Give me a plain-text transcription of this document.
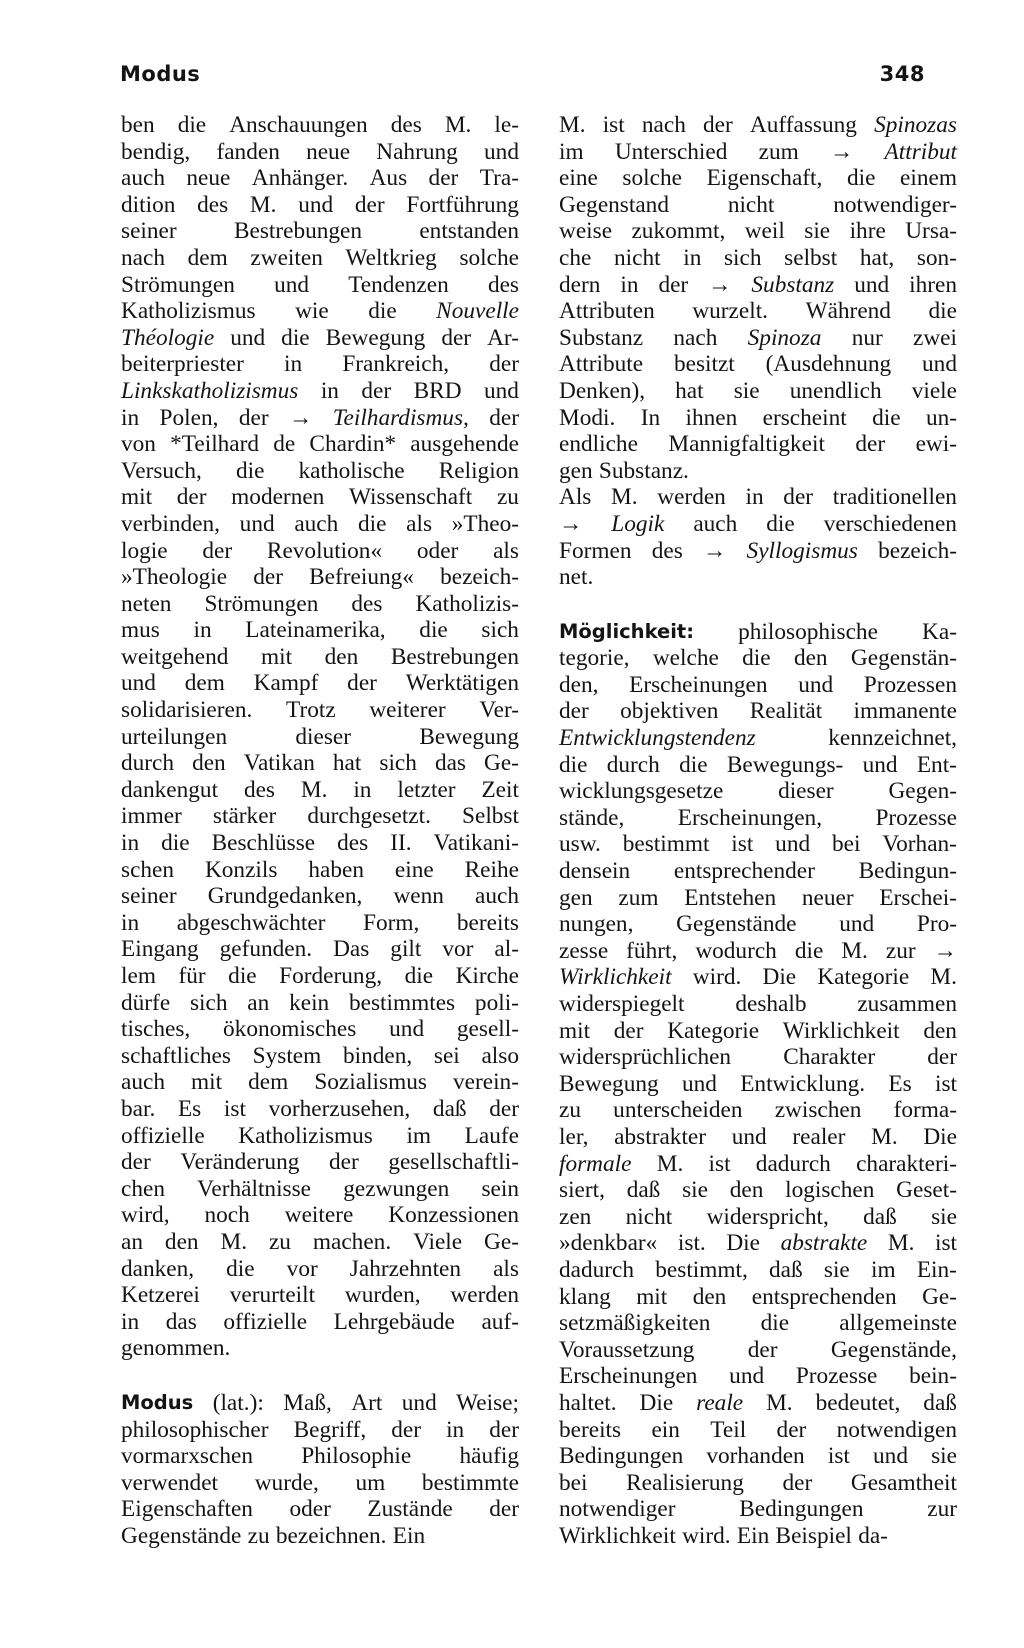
Modus	348
ben die Anschauungen des M. le-
bendig, fanden neue Nahrung und
auch neue Anhänger. Aus der Tra-
dition des M. und der Fortführung
seiner Bestrebungen entstanden
nach dem zweiten Weltkrieg solche
Strömungen und Tendenzen des
Katholizismus wie die Nouvelle
Théologie und die Bewegung der Ar-
beiterpriester in Frankreich, der
Linkskatholizismus in der BRD und
in Polen, der → Teilhardismus, der
von *Teilhard de Chardin* ausgehende
Versuch, die katholische Religion
mit der modernen Wissenschaft zu
verbinden, und auch die als »Theo-
logie der Revolution« oder als
»Theologie der Befreiung« bezeich-
neten Strömungen des Katholizis-
mus in Lateinamerika, die sich
weitgehend mit den Bestrebungen
und dem Kampf der Werktätigen
solidarisieren. Trotz weiterer Ver-
urteilungen	dieser	Bewegung
durch den Vatikan hat sich das Ge-
dankengut des M. in letzter Zeit
immer stärker durchgesetzt. Selbst
in die Beschlüsse des II. Vatikani-
schen Konzils haben eine Reihe
seiner Grundgedanken, wenn auch
in abgeschwächter Form, bereits
Eingang gefunden. Das gilt vor al-
lem für die Forderung, die Kirche
dürfe sich an kein bestimmtes poli-
tisches, ökonomisches und gesell-
schaftliches System binden, sei also
auch mit dem Sozialismus verein-
bar. Es ist vorherzusehen, daß der
offizielle Katholizismus im Laufe
der Veränderung der gesellschaftli-
chen Verhältnisse gezwungen sein
wird, noch weitere Konzessionen
an den M. zu machen. Viele Ge-
danken, die vor Jahrzehnten als
Ketzerei verurteilt wurden, werden
in das offizielle Lehrgebäude auf-
genommen.
Modus (lat.): Maß, Art und Weise;
philosophischer Begriff, der in der
vormarxschen Philosophie häufig
verwendet wurde, um bestimmte
Eigenschaften oder Zustände der
Gegenstände zu bezeichnen. Ein
M. ist nach der Auffassung Spinozas
im Unterschied zum → Attribut
eine solche Eigenschaft, die einem
Gegenstand	nicht	notwendiger-
weise zukommt, weil sie ihre Ursa-
che nicht in sich selbst hat, son-
dern in der → Substanz und ihren
Attributen wurzelt. Während die
Substanz nach Spinoza nur zwei
Attribute besitzt (Ausdehnung und
Denken), hat sie unendlich viele
Modi. In ihnen erscheint die un-
endliche Mannigfaltigkeit der ewi-
gen Substanz.
Als M. werden in der traditionellen
→ Logik auch die verschiedenen
Formen des → Syllogismus bezeich-
net.
Möglichkeit: philosophische Ka-
tegorie, welche die den Gegenstän-
den, Erscheinungen und Prozessen
der objektiven Realität immanente
Entwicklungstendenz	kennzeichnet,
die durch die Bewegungs- und Ent-
wicklungsgesetze dieser Gegen-
stände, Erscheinungen, Prozesse
usw. bestimmt ist und bei Vorhan-
densein entsprechender Bedingun-
gen zum Entstehen neuer Erschei-
nungen, Gegenstände und Pro-
zesse führt, wodurch die M. zur →
Wirklichkeit wird. Die Kategorie M.
widerspiegelt deshalb zusammen
mit der Kategorie Wirklichkeit den
widersprüchlichen Charakter der
Bewegung und Entwicklung. Es ist
zu unterscheiden zwischen forma-
ler, abstrakter und realer M. Die
formale M. ist dadurch charakteri-
siert, daß sie den logischen Geset-
zen nicht widerspricht, daß sie
»denkbar« ist. Die abstrakte M. ist
dadurch bestimmt, daß sie im Ein-
klang mit den entsprechenden Ge-
setzmäßigkeiten die allgemeinste
Voraussetzung der Gegenstände,
Erscheinungen und Prozesse bein-
haltet. Die reale M. bedeutet, daß
bereits ein Teil der notwendigen
Bedingungen vorhanden ist und sie
bei Realisierung der Gesamtheit
notwendiger	Bedingungen	zur
Wirklichkeit wird. Ein Beispiel da-
